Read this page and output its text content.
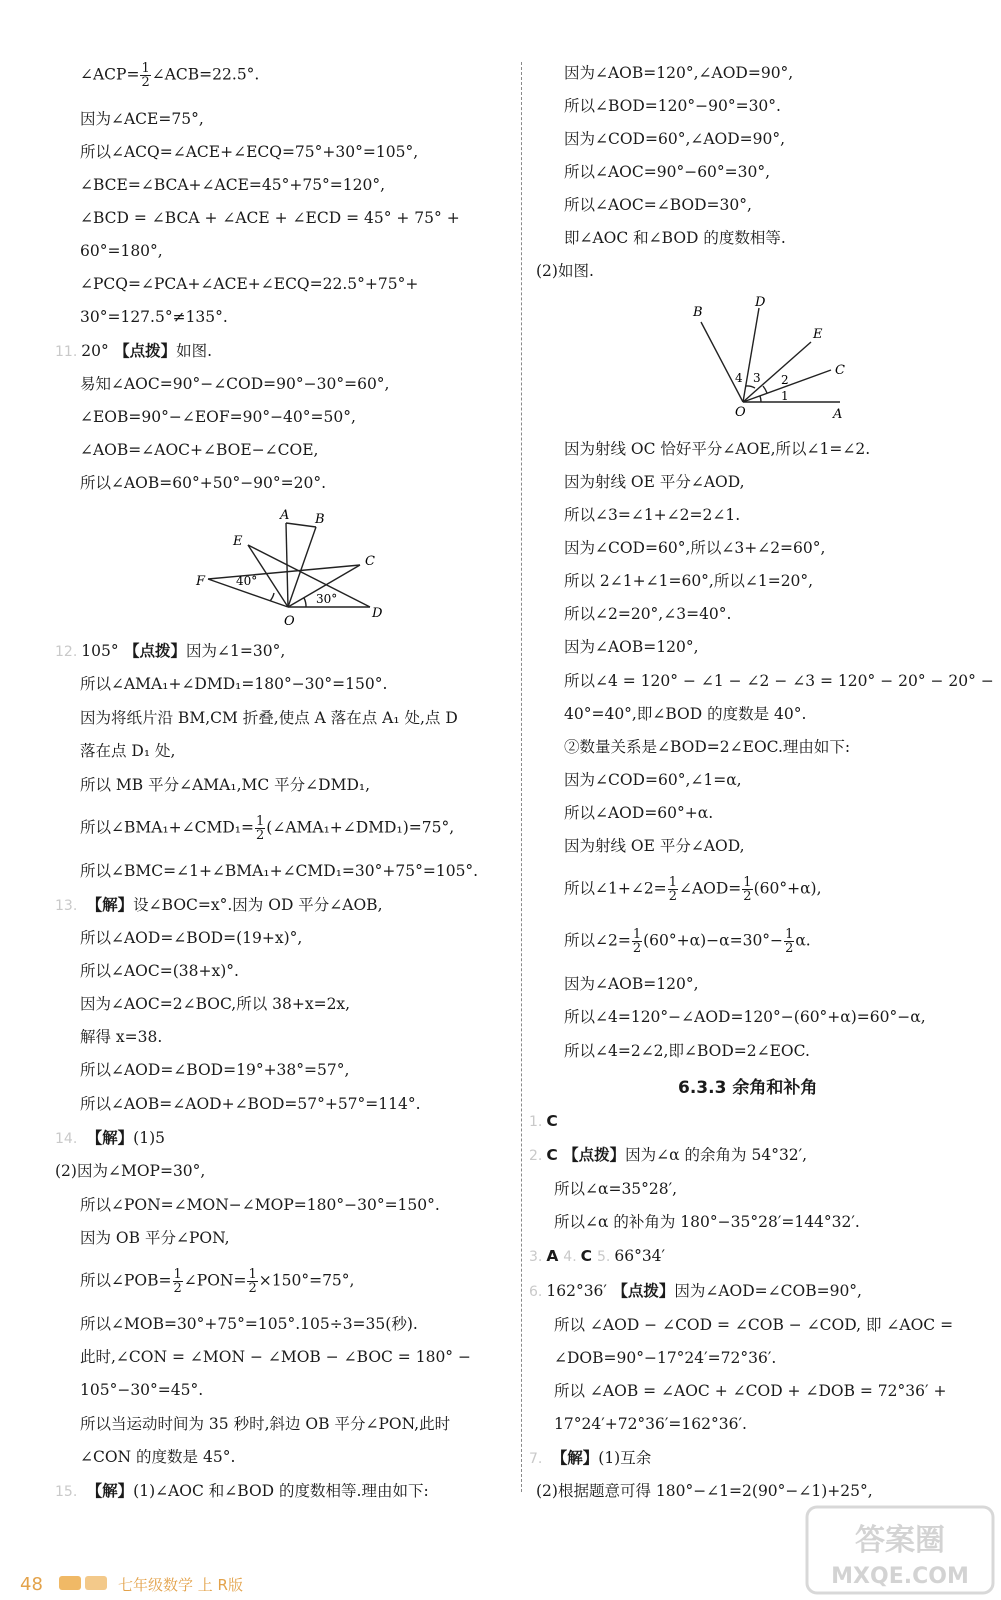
∠ACP= $\frac{1}{2}$ ∠ACB=22.5°.
因为∠ACE=75°,
所以∠ACQ=∠ACE+∠ECQ=75°+30°=105°,
∠BCE=∠BCA+∠ACE=45°+75°=120°,
∠BCD = ∠BCA + ∠ACE + ∠ECD = 45° + 75° +
60°=180°,
∠PCQ=∠PCA+∠ACE+∠ECQ=22.5°+75°+
30°=127.5°≠135°.
11. 20° 【点拨】如图.
易知∠AOC=90°−∠COD=90°−30°=60°,
∠EOB=90°−∠EOF=90°−40°=50°,
∠AOB=∠AOC+∠BOE−∠COE,
所以∠AOB=60°+50°−90°=20°.
12. 105° 【点拨】因为∠1=30°,
所以∠AMA₁+∠DMD₁=180°−30°=150°.
因为将纸片沿 BM,CM 折叠,使点 A 落在点 A₁ 处,点 D
落在点 D₁ 处,
所以 MB 平分∠AMA₁,MC 平分∠DMD₁,
所以∠BMA₁+∠CMD₁= $\frac{1}{2}$ (∠AMA₁+∠DMD₁)=75°,
所以∠BMC=∠1+∠BMA₁+∠CMD₁=30°+75°=105°.
13. 【解】设∠BOC=x°.因为 OD 平分∠AOB,
所以∠AOD=∠BOD=(19+x)°,
所以∠AOC=(38+x)°.
因为∠AOC=2∠BOC,所以 38+x=2x,
解得 x=38.
所以∠AOD=∠BOD=19°+38°=57°,
所以∠AOB=∠AOD+∠BOD=57°+57°=114°.
14. 【解】(1)5
(2)因为∠MOP=30°,
所以∠PON=∠MON−∠MOP=180°−30°=150°.
因为 OB 平分∠PON,
所以∠POB= $\frac{1}{2}$ ∠PON= $\frac{1}{2} \times 150^\circ=75^\circ$,
所以∠MOB=30°+75°=105°.105÷3=35(秒).
此时,∠CON = ∠MON − ∠MOB − ∠BOC = 180° −
105°−30°=45°.
所以当运动时间为 35 秒时,斜边 OB 平分∠PON,此时
∠CON 的度数是 45°.
15. 【解】(1)∠AOC 和∠BOD 的度数相等.理由如下:
因为∠AOB=120°,∠AOD=90°,
所以∠BOD=120°−90°=30°.
因为∠COD=60°,∠AOD=90°,
所以∠AOC=90°−60°=30°,
所以∠AOC=∠BOD=30°,
即∠AOC 和∠BOD 的度数相等.
(2)如图.
因为射线 OC 恰好平分∠AOE,所以∠1=∠2.
因为射线 OE 平分∠AOD,
所以∠3=∠1+∠2=2∠1.
因为∠COD=60°,所以∠3+∠2=60°,
所以 2∠1+∠1=60°,所以∠1=20°,
所以∠2=20°,∠3=40°.
因为∠AOB=120°,
所以∠4 = 120° − ∠1 − ∠2 − ∠3 = 120° − 20° − 20° −
40°=40°,即∠BOD 的度数是 40°.
②数量关系是∠BOD=2∠EOC.理由如下:
因为∠COD=60°,∠1=α,
所以∠AOD=60°+α.
因为射线 OE 平分∠AOD,
所以∠1+∠2= $\frac{1}{2}$ ∠AOD= $\frac{1}{2} (60^\circ+\alpha)$,
所以∠2= $\frac{1}{2} (60^\circ+\alpha)-\alpha=30^\circ- \frac{1}{2} \alpha$.
因为∠AOB=120°,
所以∠4=120°−∠AOD=120°−(60°+α)=60°−α,
所以∠4=2∠2,即∠BOD=2∠EOC.
1. C
2. C 【点拨】因为∠α 的余角为 54°32′,
所以∠α=35°28′,
所以∠α 的补角为 180°−35°28′=144°32′.
3. A 4. C 5. 66°34′
6. 162°36′ 【点拨】因为∠AOD=∠COB=90°,
所以 ∠AOD − ∠COD = ∠COB − ∠COD, 即 ∠AOC =
∠DOB=90°−17°24′=72°36′.
所以 ∠AOB = ∠AOC + ∠COD + ∠DOB = 72°36′ +
17°24′+72°36′=162°36′.
7. 【解】(1)互余
(2)根据题意可得 180°−∠1=2(90°−∠1)+25°,
E
A B
C
F
O
D
40°
30°
B
D
E
C
O	A
1
2
3
4
6.3.3 余角和补角
48	七年级数学 上 R版
答案圈
MXQE.COM
